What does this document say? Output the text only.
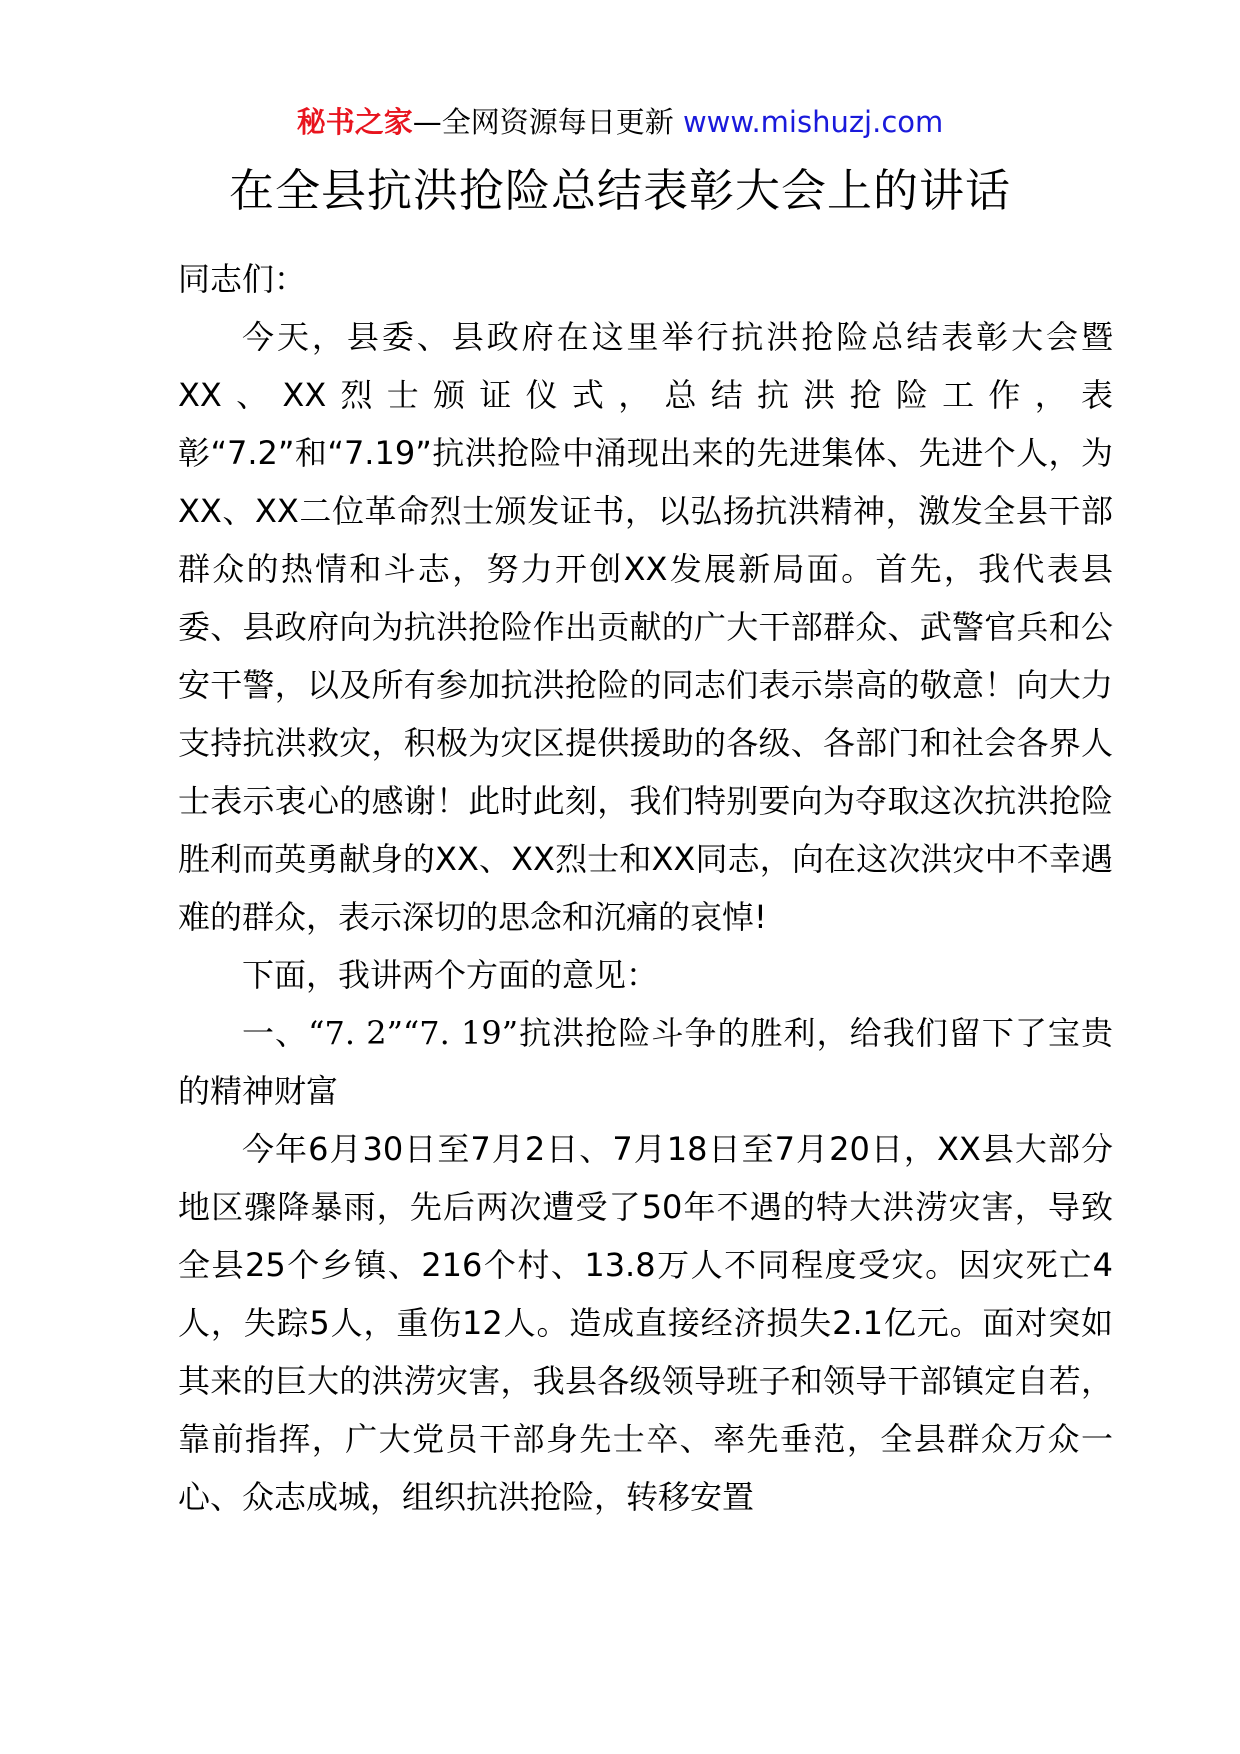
秘书之家—全网资源每日更新 www.mishuzj.com
在全县抗洪抢险总结表彰大会上的讲话

同志们：

今天，县委、县政府在这里举行抗洪抢险总结表彰大会暨XX、XX烈士颁证仪式，总结抗洪抢险工作，表彰“7.2”和“7.19”抗洪抢险中涌现出来的先进集体、先进个人，为XX、XX二位革命烈士颁发证书，以弘扬抗洪精神，激发全县干部群众的热情和斗志，努力开创XX发展新局面。首先，我代表县委、县政府向为抗洪抢险作出贡献的广大干部群众、武警官兵和公安干警，以及所有参加抗洪抢险的同志们表示崇高的敬意！向大力支持抗洪救灾，积极为灾区提供援助的各级、各部门和社会各界人士表示衷心的感谢！此时此刻，我们特别要向为夺取这次抗洪抢险胜利而英勇献身的XX、XX烈士和XX同志，向在这次洪灾中不幸遇难的群众，表示深切的思念和沉痛的哀悼!

下面，我讲两个方面的意见：

一、“7. 2”“7. 19”抗洪抢险斗争的胜利，给我们留下了宝贵的精神财富

今年6月30日至7月2日、7月18日至7月20日，XX县大部分地区骤降暴雨，先后两次遭受了50年不遇的特大洪涝灾害，导致全县25个乡镇、216个村、13.8万人不同程度受灾。因灾死亡4人，失踪5人，重伤12人。造成直接经济损失2.1亿元。面对突如其来的巨大的洪涝灾害，我县各级领导班子和领导干部镇定自若，靠前指挥，广大党员干部身先士卒、率先垂范，全县群众万众一心、众志成城，组织抗洪抢险，转移安置
